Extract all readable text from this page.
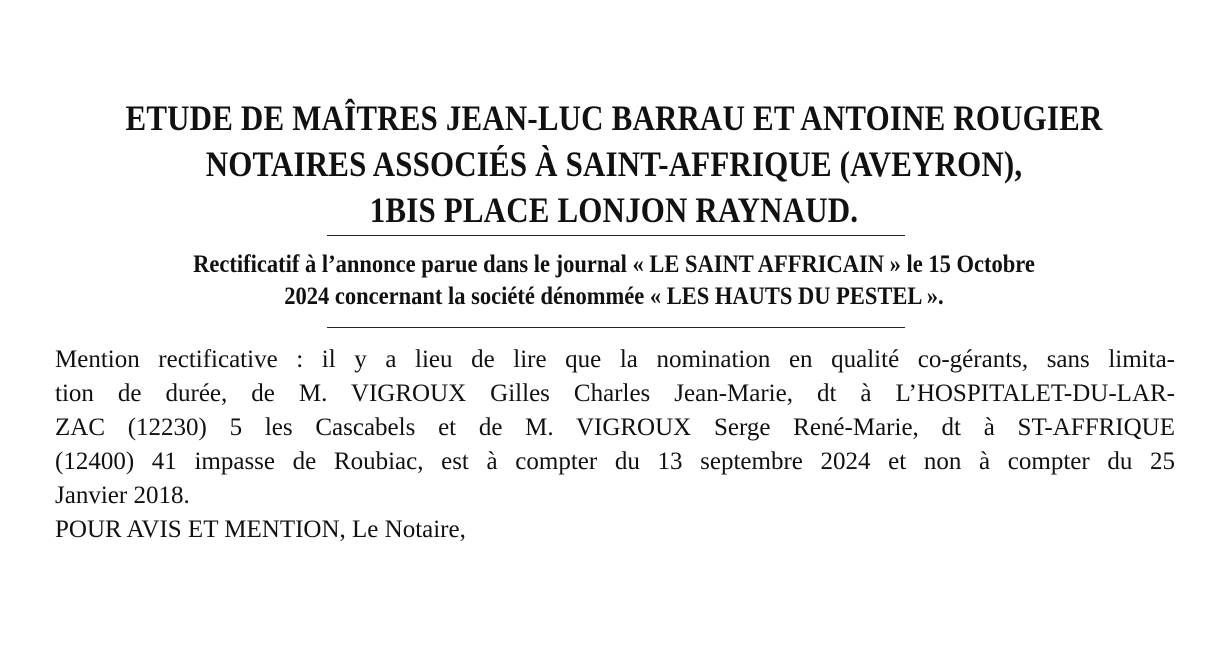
ETUDE DE MAÎTRES JEAN-LUC BARRAU ET ANTOINE ROUGIER
NOTAIRES ASSOCIÉS À SAINT-AFFRIQUE (AVEYRON),
1BIS PLACE LONJON RAYNAUD.
Rectificatif à l’annonce parue dans le journal « LE SAINT AFFRICAIN » le 15 Octobre
2024 concernant la société dénommée « LES HAUTS DU PESTEL ».
Mention rectificative : il y a lieu de lire que la nomination en qualité co-gérants, sans limita-
tion de durée, de M. VIGROUX Gilles Charles Jean-Marie, dt à L’HOSPITALET-DU-LAR-
ZAC (12230) 5 les Cascabels et de M. VIGROUX Serge René-Marie, dt à ST-AFFRIQUE
(12400) 41 impasse de Roubiac, est à compter du 13 septembre 2024 et non à compter du 25
Janvier 2018.
POUR AVIS ET MENTION, Le Notaire,
